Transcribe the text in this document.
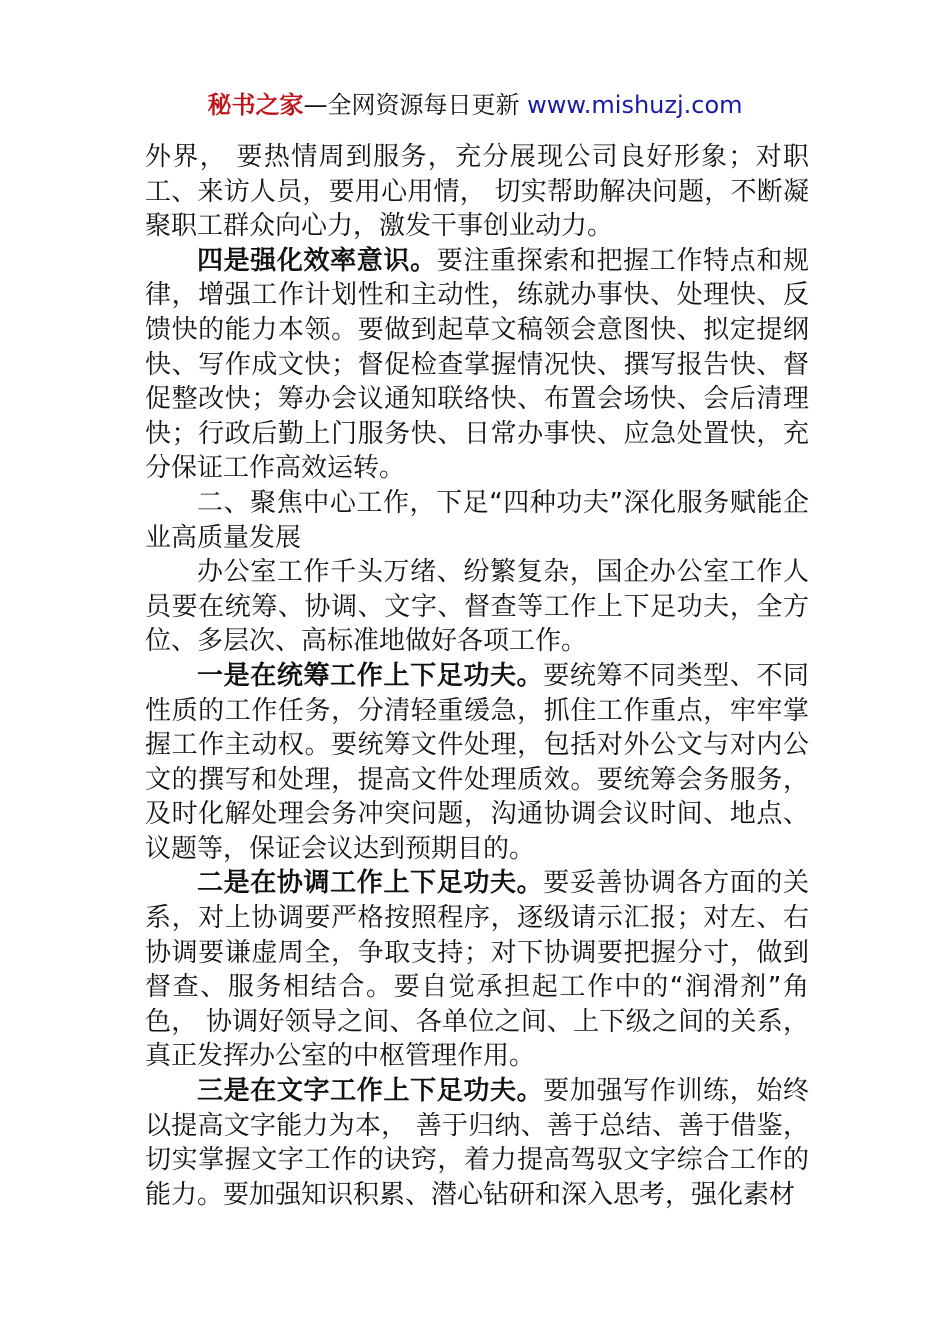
秘书之家—全网资源每日更新 www.mishuzj.com

外界， 要热情周到服务，充分展现公司良好形象；对职工、来访人员，要用心用情， 切实帮助解决问题，不断凝聚职工群众向心力，激发干事创业动力。

四是强化效率意识。要注重探索和把握工作特点和规律，增强工作计划性和主动性，练就办事快、处理快、反馈快的能力本领。要做到起草文稿领会意图快、拟定提纲快、写作成文快；督促检查掌握情况快、撰写报告快、督促整改快；筹办会议通知联络快、布置会场快、会后清理快；行政后勤上门服务快、日常办事快、应急处置快，充分保证工作高效运转。

二、聚焦中心工作，下足“四种功夫”深化服务赋能企业高质量发展

办公室工作千头万绪、纷繁复杂，国企办公室工作人员要在统筹、协调、文字、督查等工作上下足功夫，全方位、多层次、高标准地做好各项工作。

一是在统筹工作上下足功夫。要统筹不同类型、不同性质的工作任务，分清轻重缓急，抓住工作重点，牢牢掌握工作主动权。要统筹文件处理，包括对外公文与对内公文的撰写和处理，提高文件处理质效。要统筹会务服务，及时化解处理会务冲突问题，沟通协调会议时间、地点、议题等，保证会议达到预期目的。

二是在协调工作上下足功夫。要妥善协调各方面的关系，对上协调要严格按照程序，逐级请示汇报；对左、右协调要谦虚周全，争取支持；对下协调要把握分寸，做到督查、服务相结合。要自觉承担起工作中的“润滑剂”角色， 协调好领导之间、各单位之间、上下级之间的关系，真正发挥办公室的中枢管理作用。

三是在文字工作上下足功夫。要加强写作训练，始终以提高文字能力为本， 善于归纳、善于总结、善于借鉴，切实掌握文字工作的诀窍，着力提高驾驭文字综合工作的能力。要加强知识积累、潜心钻研和深入思考，强化素材
